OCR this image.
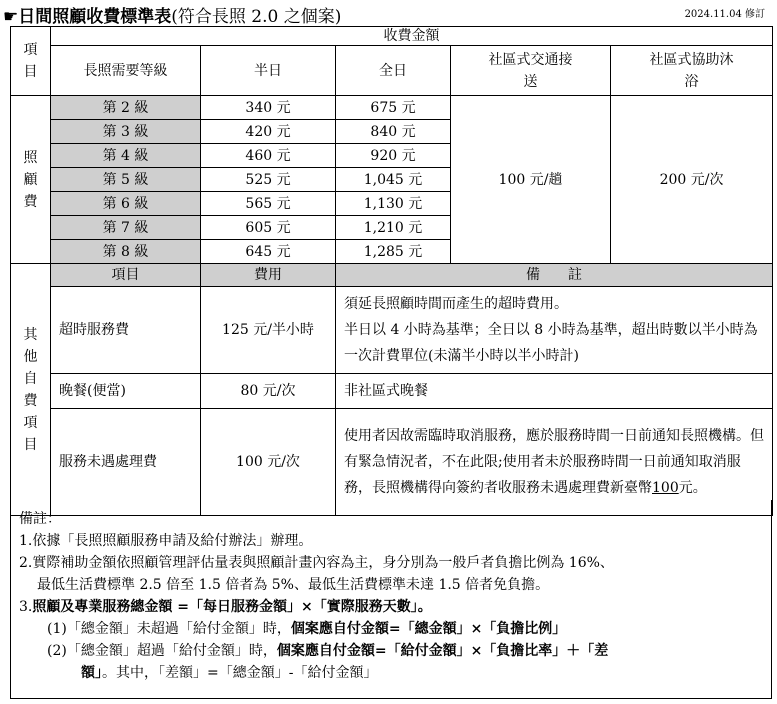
☛日間照顧收費標準表(符合長照 2.0 之個案)	2024.11.04 修訂
項目	收費金額				
	長照需要等級	半日	全日	社區式交通接送	社區式協助沐浴

照顧費	第 2 級	340 元	675 元	100 元/趟	200 元/次
	第 3 級	420 元	840 元		
	第 4 級	460 元	920 元		
	第 5 級	525 元	1,045 元		
	第 6 級	565 元	1,130 元		
	第 7 級	605 元	1,210 元		
	第 8 級	645 元	1,285 元		
其他自費項目	項目	費用	備　　註		
	超時服務費	125 元/半小時	須延長照顧時間而產生的超時費用。
半日以 4 小時為基準；全日以 8 小時為基準，超出時數以半小時為一次計費單位(未滿半小時以半小時計)		

	晚餐(便當)	80 元/次	非社區式晚餐		
	服務未遇處理費	100 元/次	使用者因故需臨時取消服務，應於服務時間一日前通知長照機構。但有緊急情況者，不在此限;使用者未於服務時間一日前通知取消服務，長照機構得向簽約者收服務未遇處理費新臺幣100元。		

備註：

1.依據「長照照顧服務申請及給付辦法」辦理。

2.實際補助金額依照顧管理評估量表與照顧計畫內容為主，身分別為一般戶者負擔比例為 16%、

最低生活費標準 2.5 倍至 1.5 倍者為 5%、最低生活費標準未達 1.5 倍者免負擔。

3.照顧及專業服務總金額 =「每日服務金額」×「實際服務天數」。

(1)「總金額」未超過「給付金額」時，個案應自付金額=「總金額」×「負擔比例」

(2)「總金額」超過「給付金額」時，個案應自付金額=「給付金額」×「負擔比率」＋「差

額」。其中，「差額」=「總金額」-「給付金額」
